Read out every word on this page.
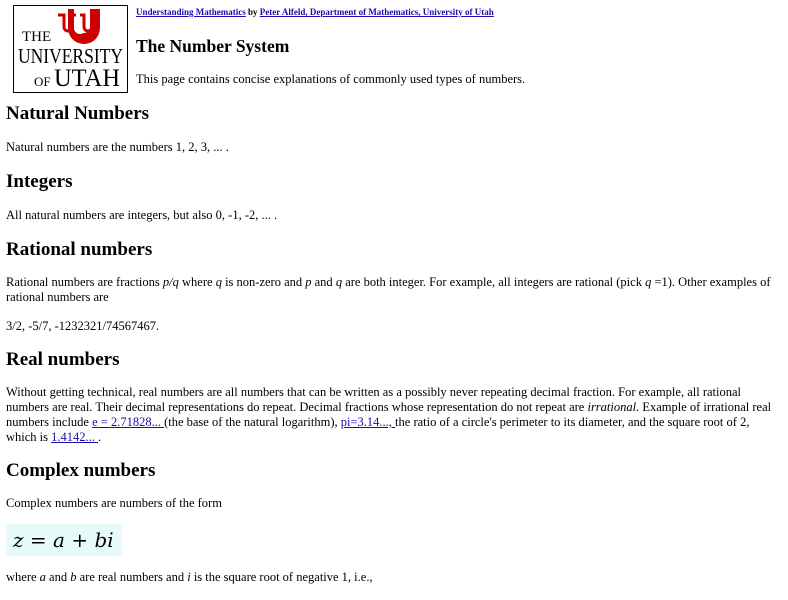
THE
UNIVERSITY
OF UTAH
Understanding Mathematics by Peter Alfeld, Department of Mathematics, University of Utah
The Number System

This page contains concise explanations of commonly used types of numbers.

Natural Numbers

Natural numbers are the numbers 1, 2, 3, ... .

Integers

All natural numbers are integers, but also 0, -1, -2, ... .

Rational numbers

Rational numbers are fractions p/q where q is non-zero and p and q are both integer. For example, all integers are rational (pick q =1). Other examples of rational numbers are

3/2, -5/7, -1232321/74567467.

Real numbers

Without getting technical, real numbers are all numbers that can be written as a possibly never repeating decimal fraction. For example, all rational numbers are real. Their decimal representations do repeat. Decimal fractions whose representation do not repeat are irrational. Example of irrational real numbers include e = 2.71828... (the base of the natural logarithm), pi=3.14..., the ratio of a circle's perimeter to its diameter, and the square root of 2, which is 1.4142... .

Complex numbers

Complex numbers are numbers of the form

z = a + bi

where a and b are real numbers and i is the square root of negative 1, i.e.,
